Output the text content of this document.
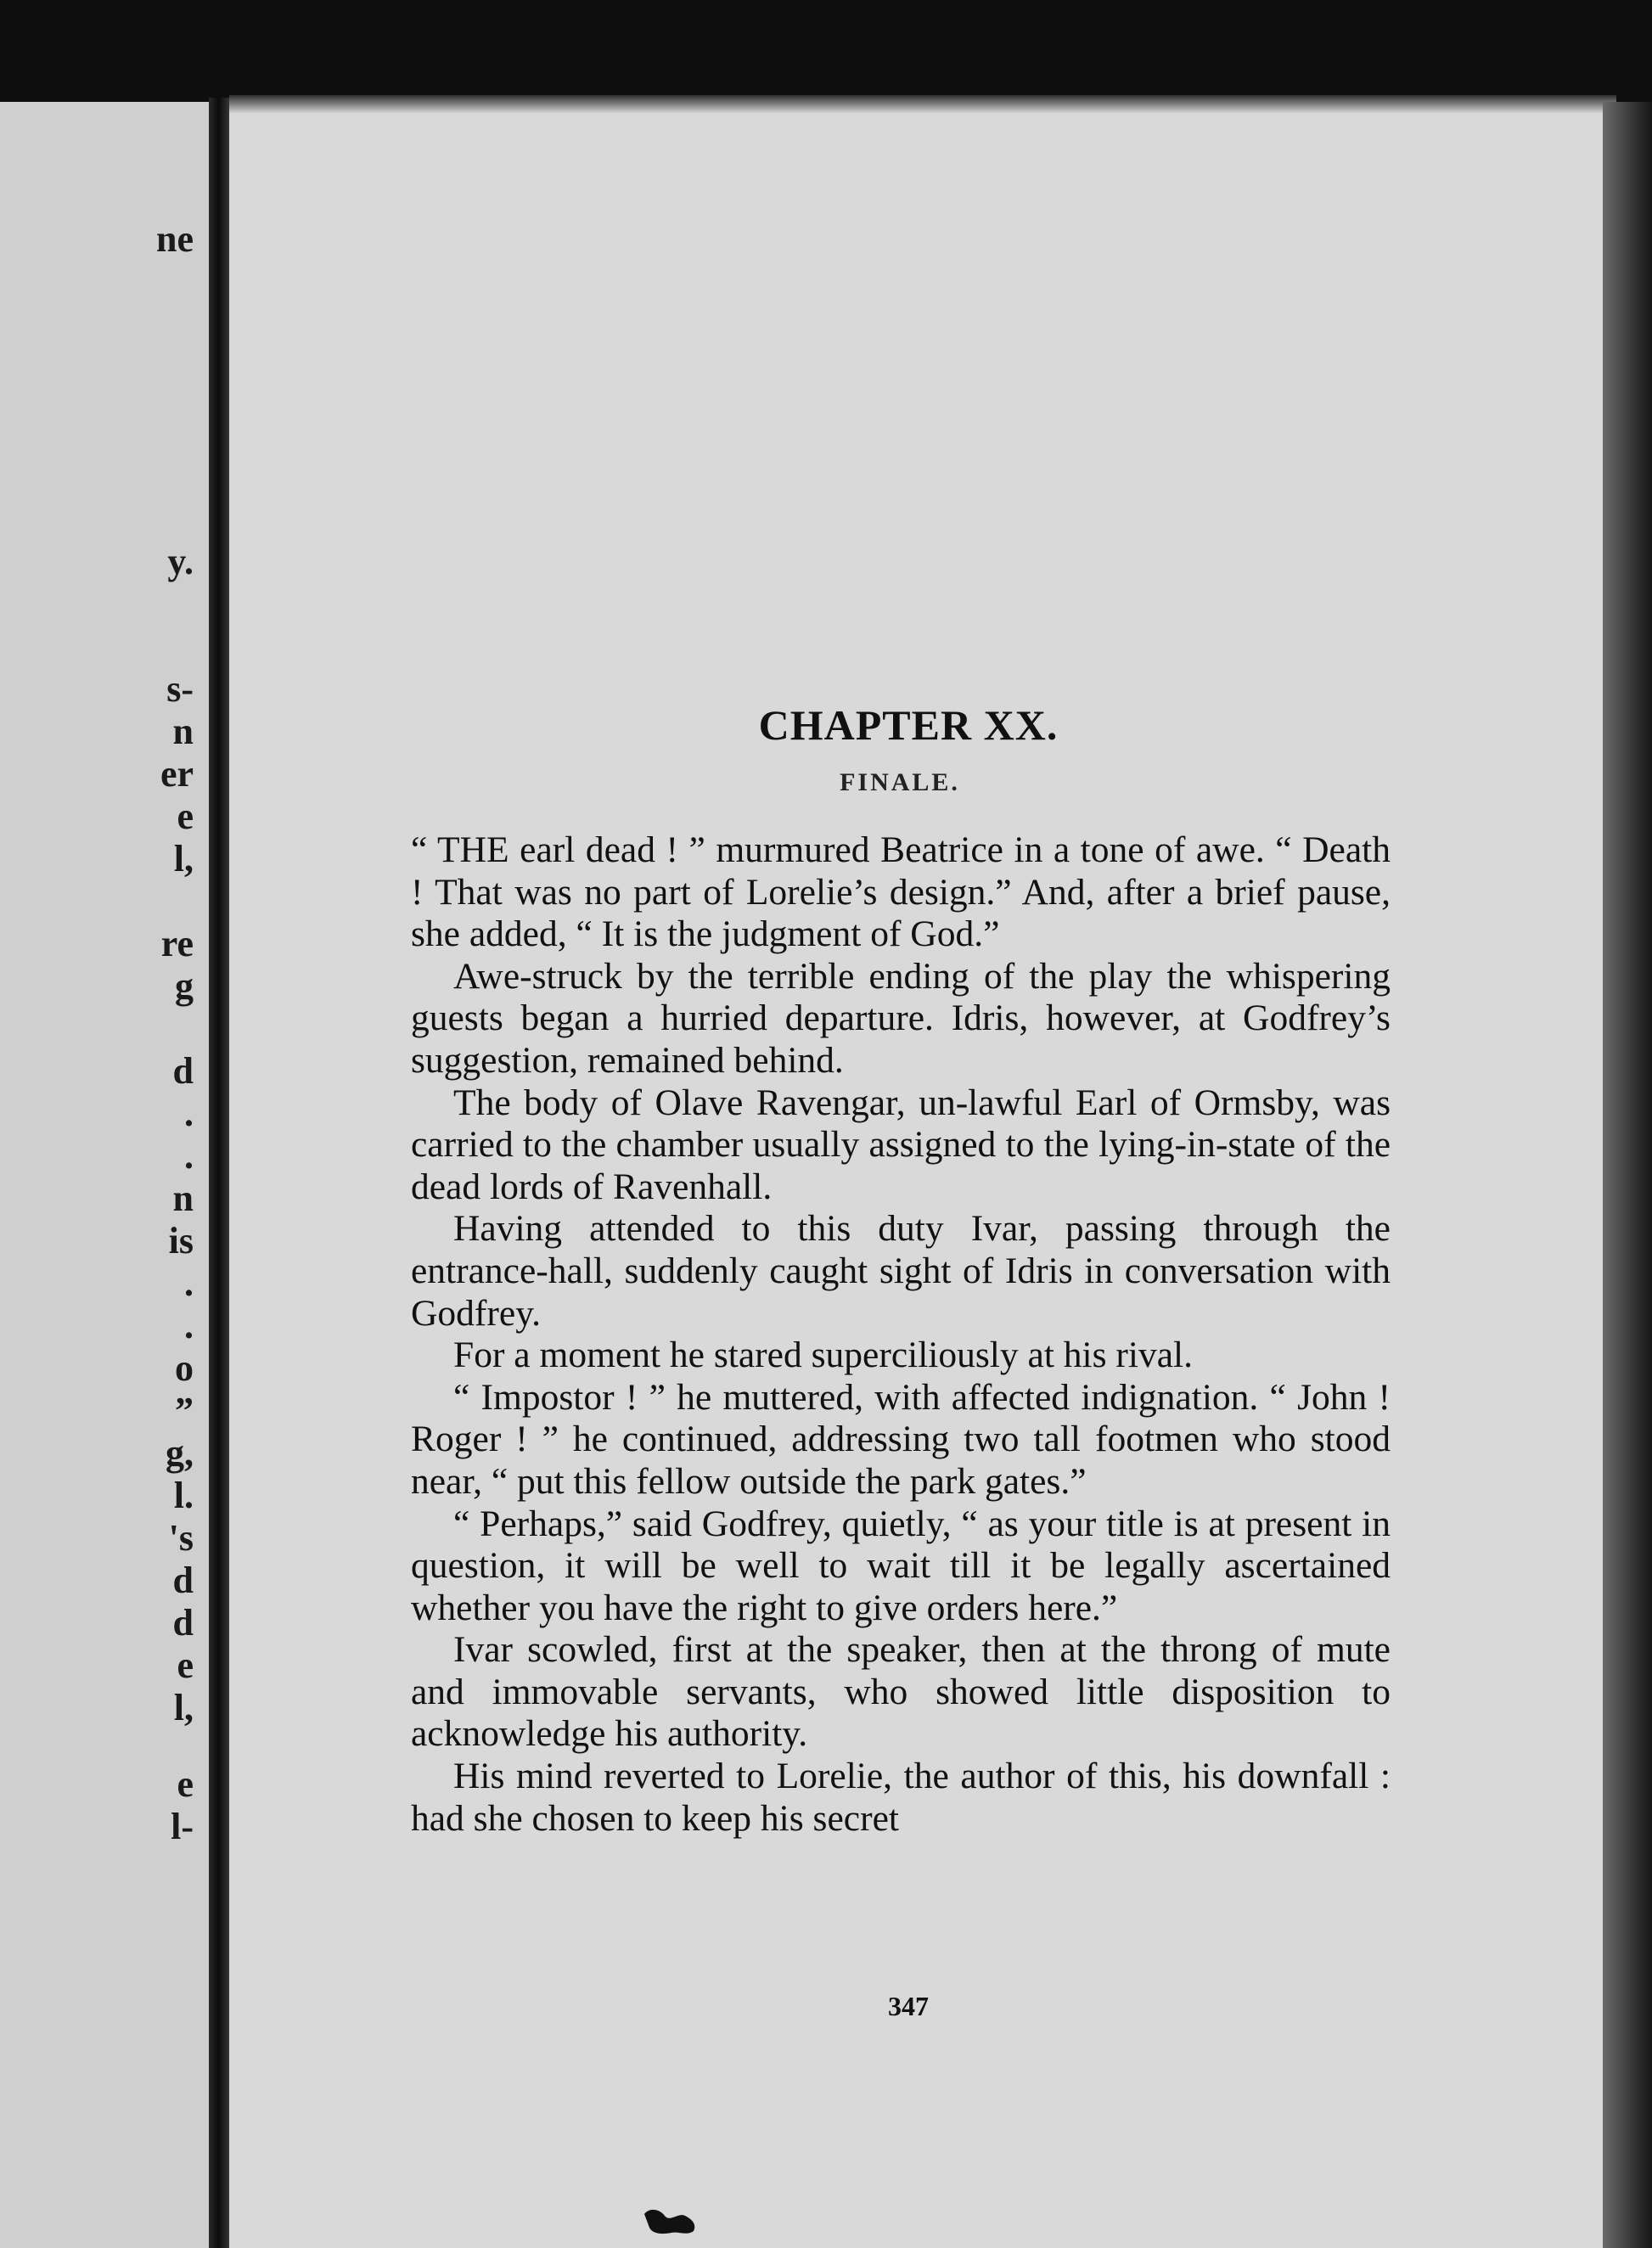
ne
y.
s-
n
er
e
l,
re
g
d
.
.
n
is
.
.
o
”
g,
l.
's
d
d
e
l,
e
l-
CHAPTER XX.
FINALE.

“ THE earl dead ! ” murmured Beatrice in a tone of awe. “ Death ! That was no part of Lorelie’s design.” And, after a brief pause, she added, “ It is the judgment of God.”

Awe-struck by the terrible ending of the play the whispering guests began a hurried departure. Idris, however, at Godfrey’s suggestion, remained behind.

The body of Olave Ravengar, un-lawful Earl of Ormsby, was carried to the chamber usually assigned to the lying-in-state of the dead lords of Ravenhall.

Having attended to this duty Ivar, passing through the entrance-hall, suddenly caught sight of Idris in conversation with Godfrey.

For a moment he stared superciliously at his rival.

“ Impostor ! ” he muttered, with affected indignation. “ John ! Roger ! ” he continued, addressing two tall footmen who stood near, “ put this fellow outside the park gates.”

“ Perhaps,” said Godfrey, quietly, “ as your title is at present in question, it will be well to wait till it be legally ascertained whether you have the right to give orders here.”

Ivar scowled, first at the speaker, then at the throng of mute and immovable servants, who showed little disposition to acknowledge his authority.

His mind reverted to Lorelie, the author of this, his downfall : had she chosen to keep his secret

347
